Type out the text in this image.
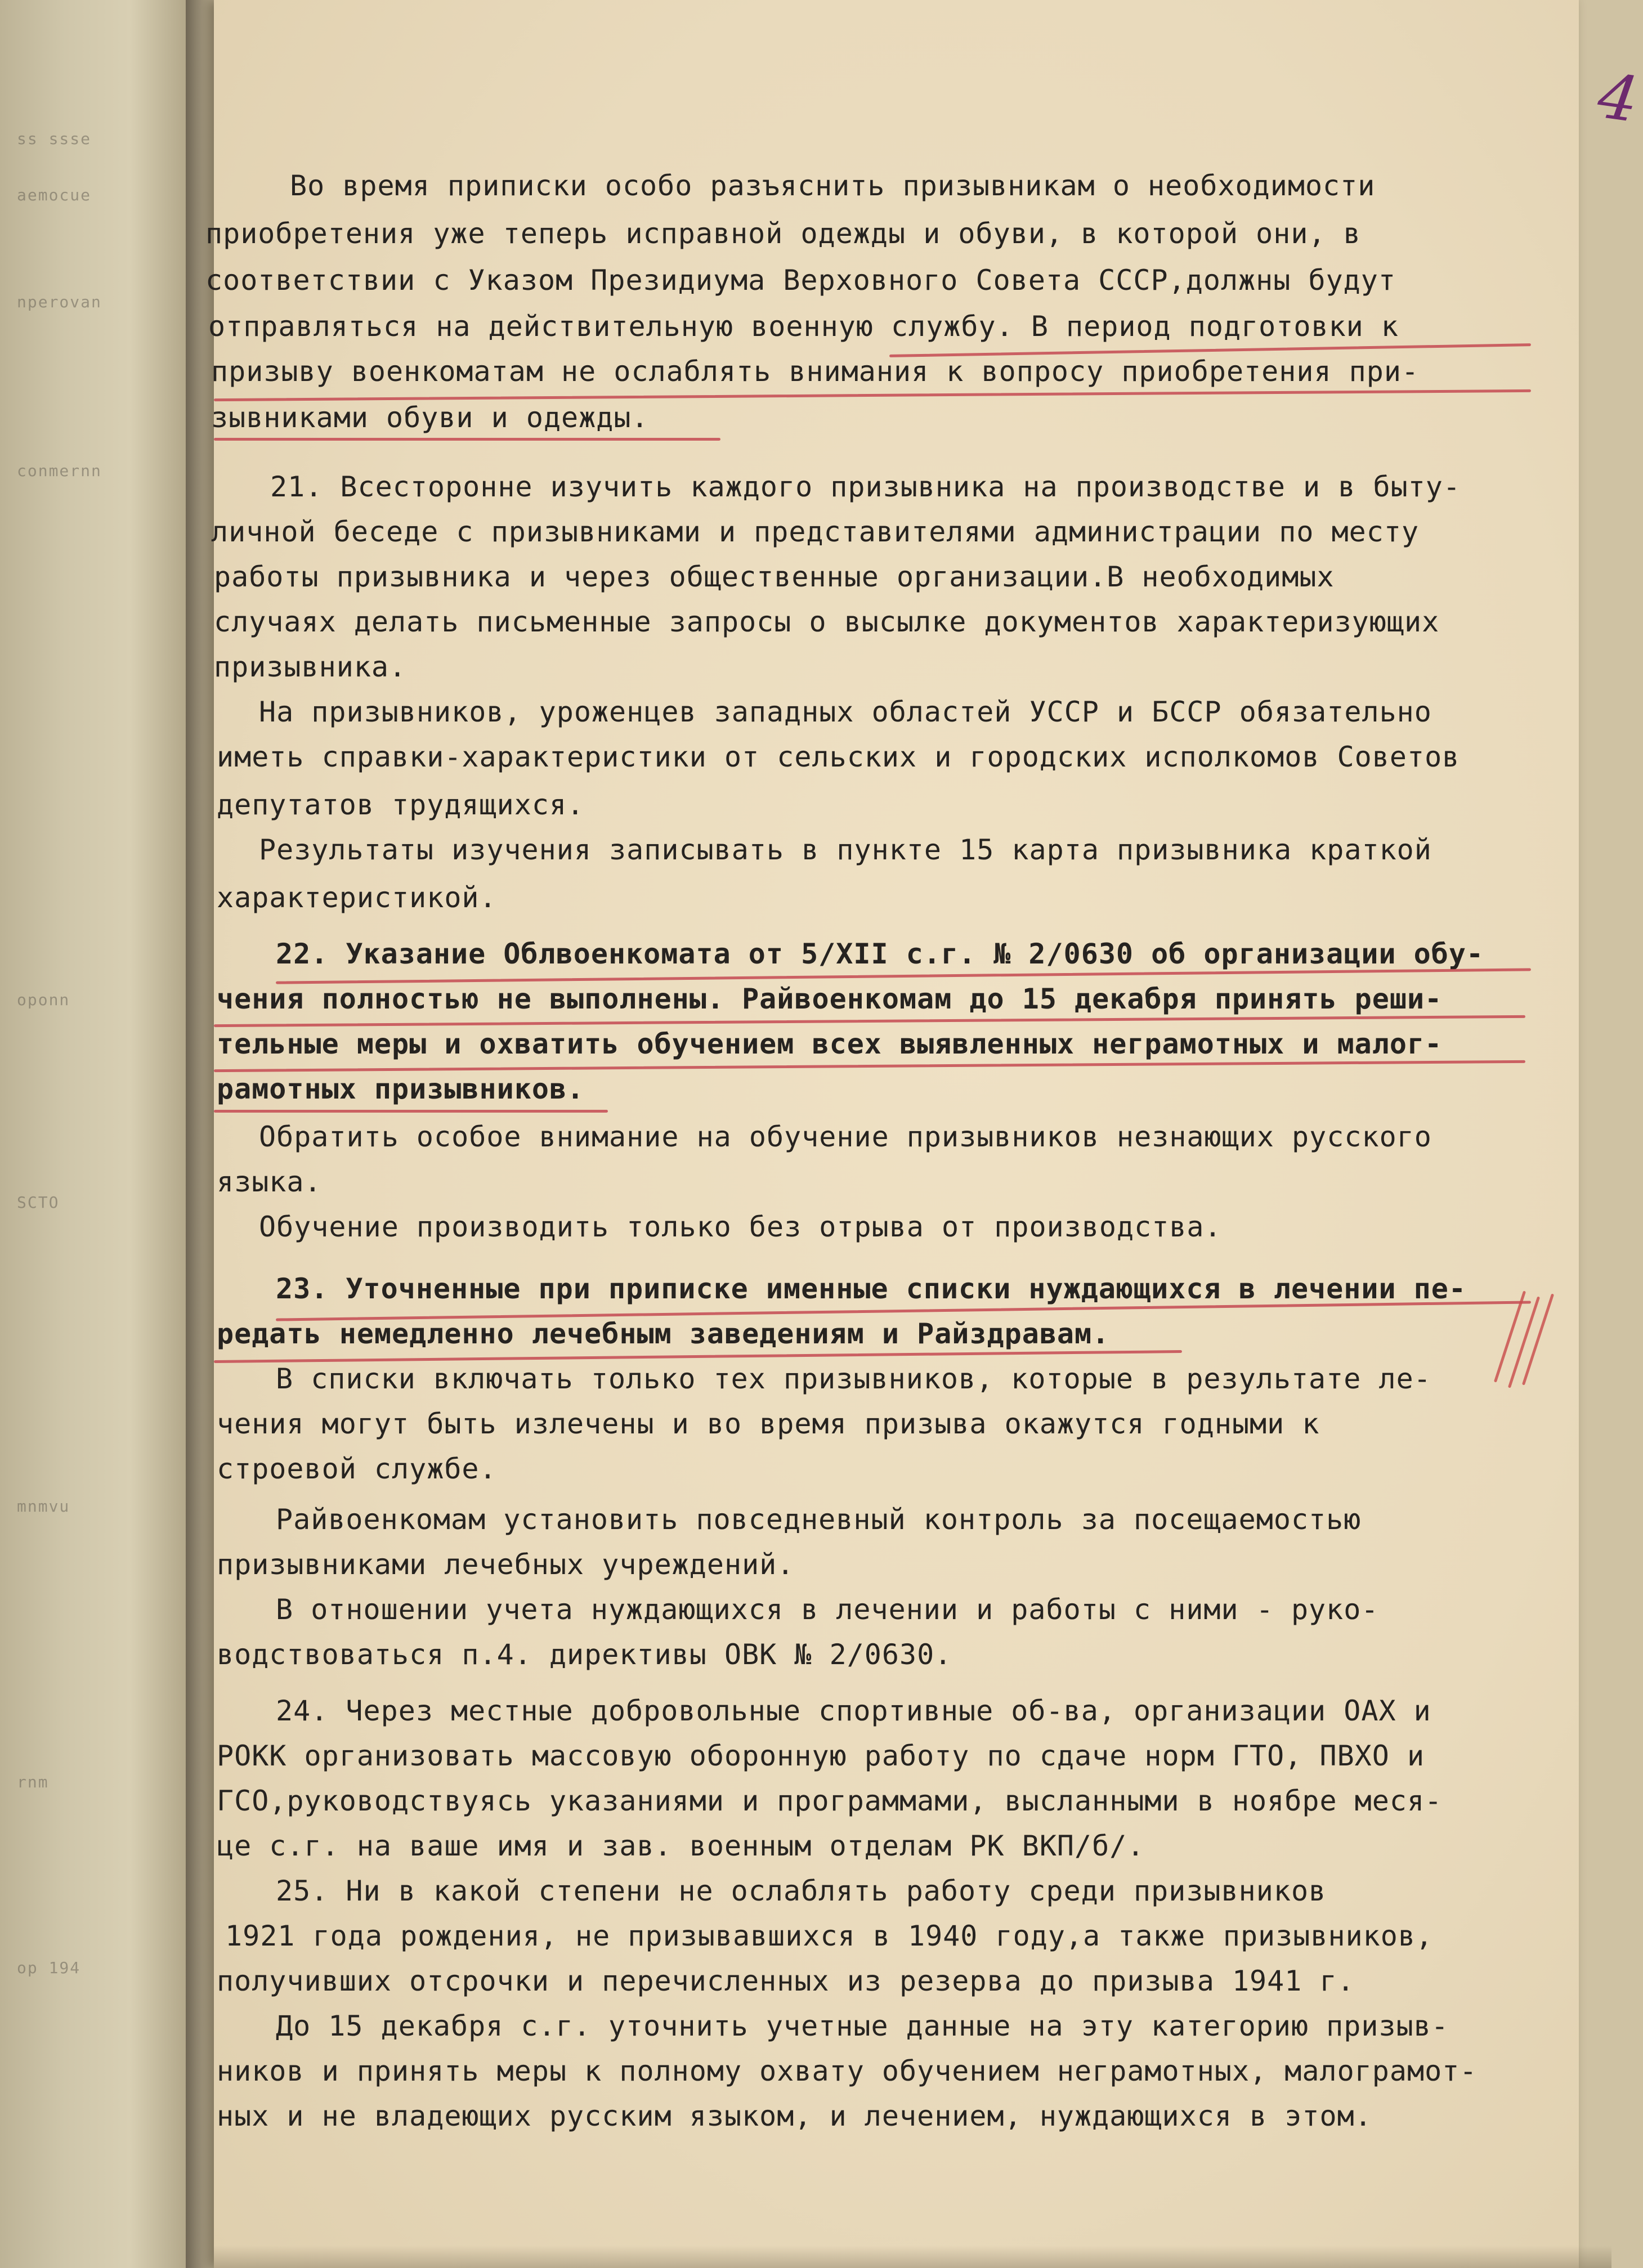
ss ssse
aemocue
nperovan
conmernn
oponn
SCTO
mnmvu
rnm
op 194
4
Во время приписки особо разъяснить призывникам о необходимости
приобретения уже теперь исправной одежды и обуви, в которой они, в
соответствии с Указом Президиума Верховного Совета СССР,должны будут
отправляться на действительную военную службу. В период подготовки к
призыву военкоматам не ослаблять внимания к вопросу приобретения при-
зывниками обуви и одежды.
21. Всесторонне изучить каждого призывника на производстве и в быту-
личной беседе с призывниками и представителями администрации по месту
работы призывника и через общественные организации.В необходимых
случаях делать письменные запросы о высылке документов характеризующих
призывника.
На призывников, уроженцев западных областей УССР и БССР обязательно
иметь справки-характеристики от сельских и городских исполкомов Советов
депутатов трудящихся.
Результаты изучения записывать в пункте 15 карта призывника краткой
характеристикой.
22. Указание Облвоенкомата от 5/XII с.г. № 2/0630 об организации обу-
чения полностью не выполнены. Райвоенкомам до 15 декабря принять реши-
тельные меры и охватить обучением всех выявленных неграмотных и малог-
рамотных призывников.
Обратить особое внимание на обучение призывников незнающих русского
языка.
Обучение производить только без отрыва от производства.
23. Уточненные при приписке именные списки нуждающихся в лечении пе-
редать немедленно лечебным заведениям и Райздравам.
В списки включать только тех призывников, которые в результате ле-
чения могут быть излечены и во время призыва окажутся годными к
строевой службе.
Райвоенкомам установить повседневный контроль за посещаемостью
призывниками лечебных учреждений.
В отношении учета нуждающихся в лечении и работы с ними - руко-
водствоваться п.4. директивы ОВК № 2/0630.
24. Через местные добровольные спортивные об-ва, организации ОАХ и
РОКК организовать массовую оборонную работу по сдаче норм ГТО, ПВХО и
ГСО,руководствуясь указаниями и программами, высланными в ноябре меся-
це с.г. на ваше имя и зав. военным отделам РК ВКП/б/.
25. Ни в какой степени не ослаблять работу среди призывников
1921 года рождения, не призывавшихся в 1940 году,а также призывников,
получивших отсрочки и перечисленных из резерва до призыва 1941 г.
До 15 декабря с.г. уточнить учетные данные на эту категорию призыв-
ников и принять меры к полному охвату обучением неграмотных, малограмот-
ных и не владеющих русским языком, и лечением, нуждающихся в этом.
